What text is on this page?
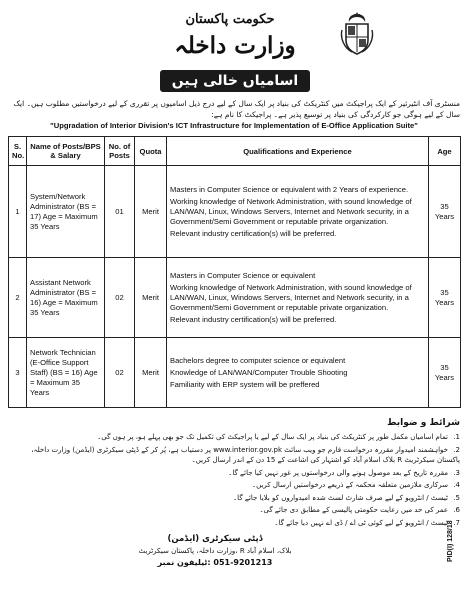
حکومت پاکستان
وزارت داخلہ
اسامیاں خالی ہیں
منسٹری آف انٹیرئیر کے ایک پراجیکٹ میں کنٹریکٹ کی بنیاد پر ایک سال کے لیے درج ذیل اسامیوں پر تقرری کے لیے درخواستیں مطلوب ہیں۔ ایک سال کے لیے ہوگی جو کارکردگی کی بنیاد پر توسیع پذیر ہے۔ پراجیکٹ کا نام ہے:
"Upgradation of Interior Division's ICT Infrastructure for Implementation of E-Office Application Suite"
S. No.	Name of Posts/BPS & Salary	No. of Posts	Quota	Qualifications and Experience	Age
1	System/Network Administrator (BS = 17) Age = Maximum 35 Years	01	Merit	Masters in Computer Science or equivalent with 2 Years of experience.

Working knowledge of Network Administration, with sound knowledge of LAN/WAN, Linux, Windows Servers, Internet and Network security, in a Government/Semi Government or reputable private organization.

Relevant industry certification(s) will be preferred.	35 Years
2	Assistant Network Administrator (BS = 16) Age = Maximum 35 Years	02	Merit	Masters in Computer Science or equivalent

Working knowledge of Network Administration, with sound knowledge of LAN/WAN, Linux, Windows Servers, Internet and Network security, in a Government/Semi Government or reputable private organization.

Relevant industry certification(s) will be preferred.	35 Years
3	Network Technician (E-Office Support Staff) (BS = 16) Age = Maximum 35 Years	02	Merit	Bachelors degree to computer science or equivalent

Knowledge of LAN/WAN/Computer Trouble Shooting

Familiarity with ERP system will be preffered	35 Years
شرائط و ضوابط
1.تمام اسامیاں مکمل طور پر کنٹریکٹ کی بنیاد پر ایک سال کے لیے یا پراجیکٹ کی تکمیل تک جو بھی پہلے ہو، پر ہوں گی۔
2.خواہشمند امیدوار مقررہ درخواست فارم جو ویب سائٹ www.interior.gov.pk پر دستیاب ہے، پُر کر کے ڈپٹی سیکرٹری (ایڈمن) وزارت داخلہ، پاکستان سیکرٹریٹ R بلاک اسلام آباد کو اشتہار کی اشاعت کے 15 دن کے اندر ارسال کریں۔
3.مقررہ تاریخ کے بعد موصول ہونے والی درخواستوں پر غور نہیں کیا جائے گا۔
4.سرکاری ملازمین متعلقہ محکمہ کے ذریعے درخواستیں ارسال کریں۔
5.ٹیسٹ / انٹرویو کے لیے صرف شارٹ لسٹ شدہ امیدواروں کو بلایا جائے گا۔
6.عمر کی حد میں رعایت حکومتی پالیسی کے مطابق دی جائے گی۔
7.ٹیسٹ / انٹرویو کے لیے کوئی ٹی اے / ڈی اے نہیں دیا جائے گا۔
ڈپٹی سیکرٹری (ایڈمن)
وزارت داخلہ، پاکستان سیکرٹریٹ، R بلاک، اسلام آباد
051-9201213 :ٹیلیفون نمبر
PID(I) 128/18
